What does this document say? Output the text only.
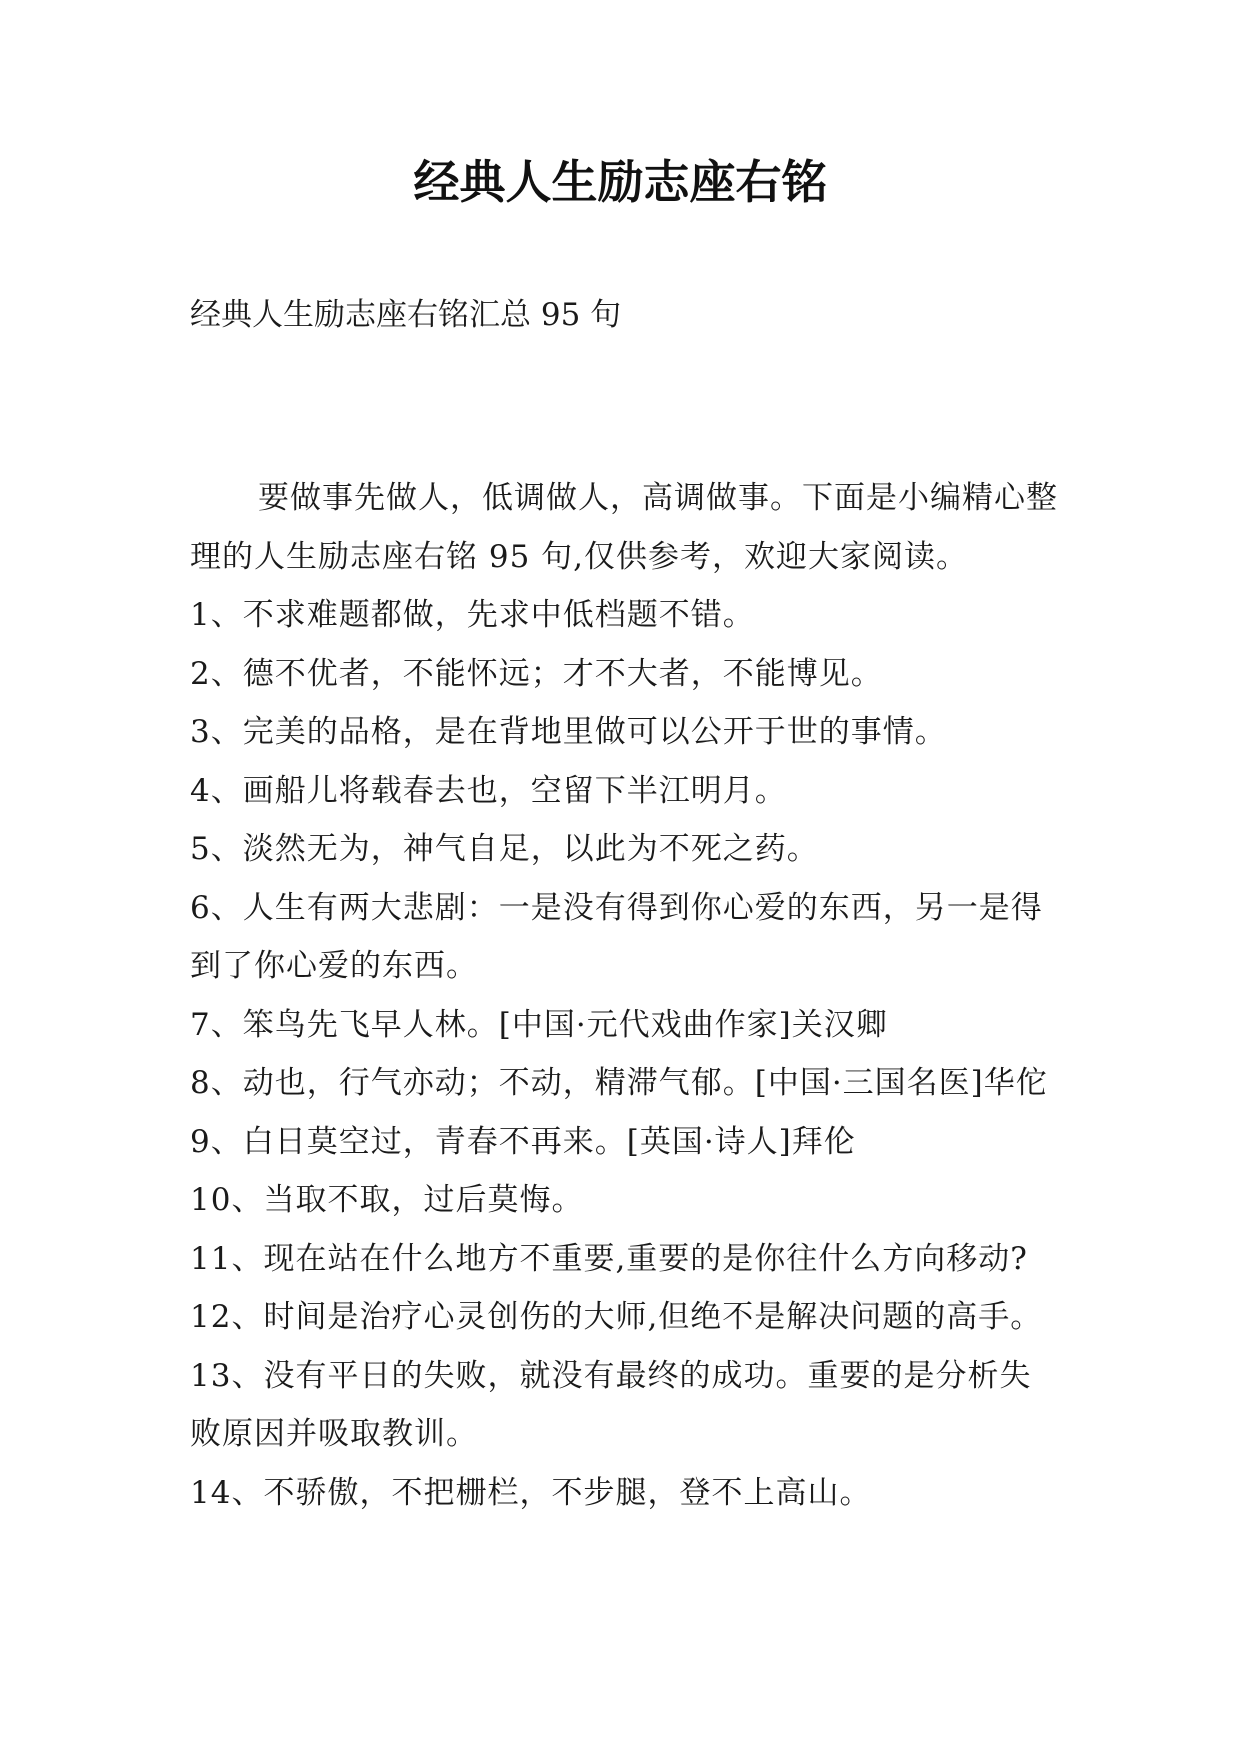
经典人生励志座右铭
经典人生励志座右铭汇总 95 句

要做事先做人，低调做人，高调做事。下面是小编精心整理的人生励志座右铭 95 句,仅供参考，欢迎大家阅读。

1、不求难题都做，先求中低档题不错。

2、德不优者，不能怀远；才不大者，不能博见。

3、完美的品格，是在背地里做可以公开于世的事情。

4、画船儿将载春去也，空留下半江明月。

5、淡然无为，神气自足，以此为不死之药。

6、人生有两大悲剧：一是没有得到你心爱的东西，另一是得到了你心爱的东西。

7、笨鸟先飞早人林。[中国·元代戏曲作家]关汉卿

8、动也，行气亦动；不动，精滞气郁。[中国·三国名医]华佗

9、白日莫空过，青春不再来。[英国·诗人]拜伦

10、当取不取，过后莫悔。

11、现在站在什么地方不重要,重要的是你往什么方向移动?

12、时间是治疗心灵创伤的大师,但绝不是解决问题的高手。

13、没有平日的失败，就没有最终的成功。重要的是分析失败原因并吸取教训。

14、不骄傲，不把栅栏，不步腿，登不上高山。
